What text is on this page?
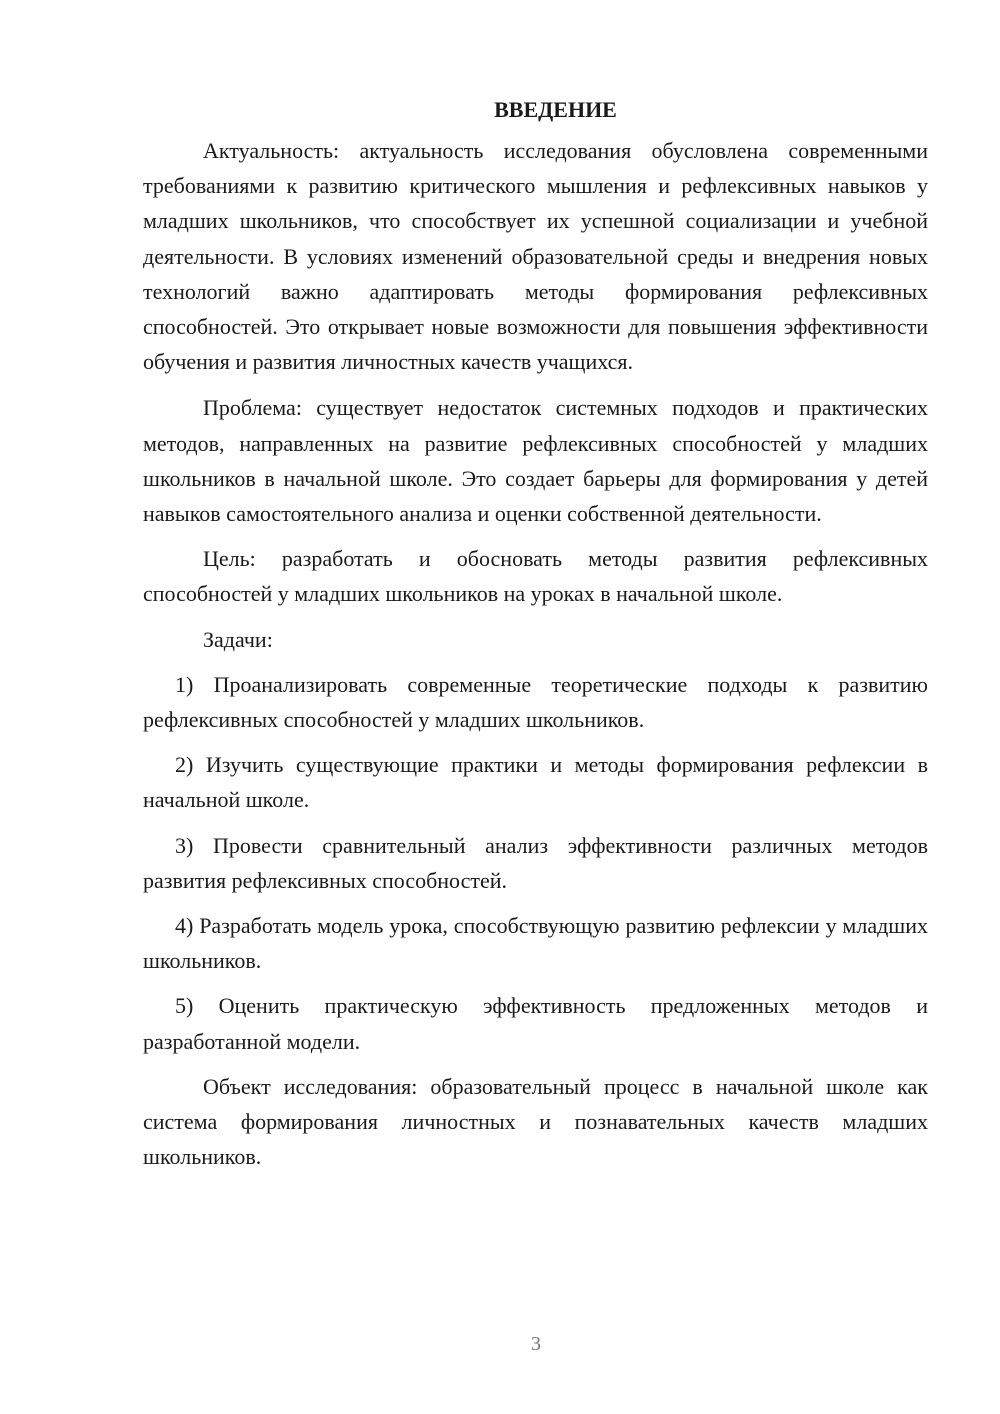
ВВЕДЕНИЕ

Актуальность: актуальность исследования обусловлена современными требованиями к развитию критического мышления и рефлексивных навыков у младших школьников, что способствует их успешной социализации и учебной деятельности. В условиях изменений образовательной среды и внедрения новых технологий важно адаптировать методы формирования рефлексивных способностей. Это открывает новые возможности для повышения эффективности обучения и развития личностных качеств учащихся.

Проблема: существует недостаток системных подходов и практических методов, направленных на развитие рефлексивных способностей у младших школьников в начальной школе. Это создает барьеры для формирования у детей навыков самостоятельного анализа и оценки собственной деятельности.

Цель: разработать и обосновать методы развития рефлексивных способностей у младших школьников на уроках в начальной школе.

Задачи:

1) Проанализировать современные теоретические подходы к развитию рефлексивных способностей у младших школьников.

2) Изучить существующие практики и методы формирования рефлексии в начальной школе.

3) Провести сравнительный анализ эффективности различных методов развития рефлексивных способностей.

4) Разработать модель урока, способствующую развитию рефлексии у младших школьников.

5) Оценить практическую эффективность предложенных методов и разработанной модели.

Объект исследования: образовательный процесс в начальной школе как система формирования личностных и познавательных качеств младших школьников.

3
